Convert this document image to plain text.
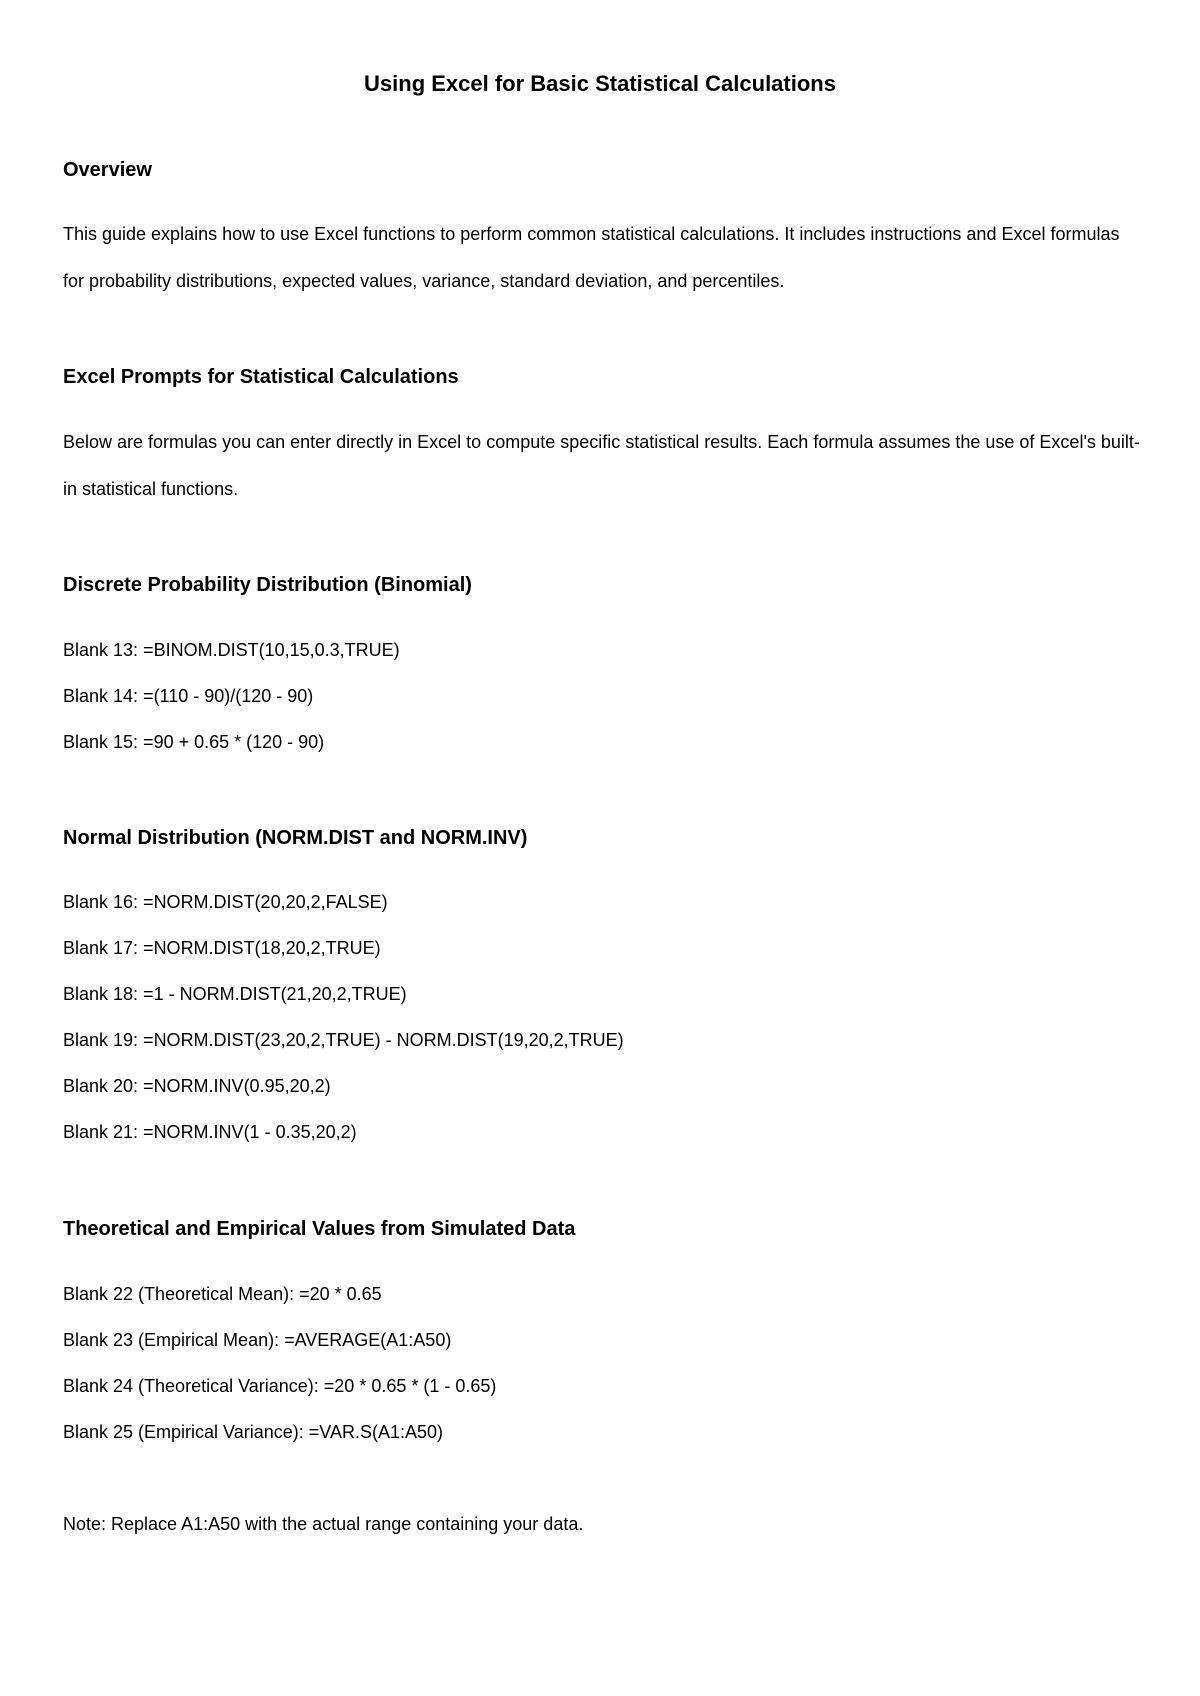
Using Excel for Basic Statistical Calculations
Overview

This guide explains how to use Excel functions to perform common statistical calculations. It includes instructions and Excel formulas for probability distributions, expected values, variance, standard deviation, and percentiles.

Excel Prompts for Statistical Calculations

Below are formulas you can enter directly in Excel to compute specific statistical results. Each formula assumes the use of Excel's built-in statistical functions.

Discrete Probability Distribution (Binomial)

Blank 13: =BINOM.DIST(10,15,0.3,TRUE)

Blank 14: =(110 - 90)/(120 - 90)

Blank 15: =90 + 0.65 * (120 - 90)

Normal Distribution (NORM.DIST and NORM.INV)

Blank 16: =NORM.DIST(20,20,2,FALSE)

Blank 17: =NORM.DIST(18,20,2,TRUE)

Blank 18: =1 - NORM.DIST(21,20,2,TRUE)

Blank 19: =NORM.DIST(23,20,2,TRUE) - NORM.DIST(19,20,2,TRUE)

Blank 20: =NORM.INV(0.95,20,2)

Blank 21: =NORM.INV(1 - 0.35,20,2)

Theoretical and Empirical Values from Simulated Data

Blank 22 (Theoretical Mean): =20 * 0.65

Blank 23 (Empirical Mean): =AVERAGE(A1:A50)

Blank 24 (Theoretical Variance): =20 * 0.65 * (1 - 0.65)

Blank 25 (Empirical Variance): =VAR.S(A1:A50)

Note: Replace A1:A50 with the actual range containing your data.
